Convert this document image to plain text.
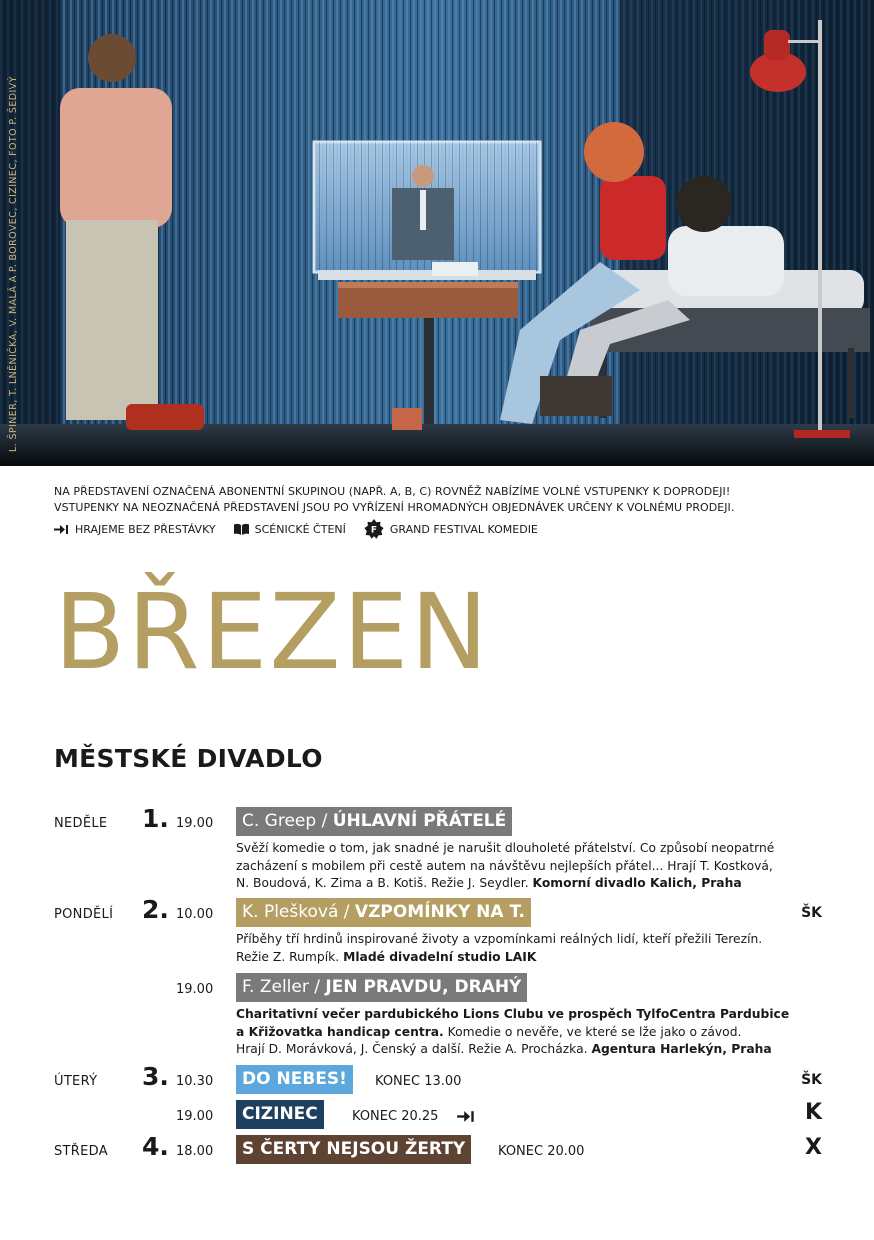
L. ŠPINER, T. LNĚNIČKA, V. MALÁ A P. BOROVEC, CIZINEC, FOTO P. ŠEDIVÝ
NA PŘEDSTAVENÍ OZNAČENÁ ABONENTNÍ SKUPINOU (NAPŘ. A, B, C) ROVNĚŽ NABÍZÍME VOLNÉ VSTUPENKY K DOPRODEJI!
VSTUPENKY NA NEOZNAČENÁ PŘEDSTAVENÍ JSOU PO VYŘÍZENÍ HROMADNÝCH OBJEDNÁVEK URČENY K VOLNÉMU PRODEJI.
HRAJEME BEZ PŘESTÁVKY	SCÉNICKÉ ČTENÍ	F GRAND FESTIVAL KOMEDIE
BŘEZEN
MĚSTSKÉ DIVADLO
NEDĚLE 1. 19.00	C. Greep / ÚHLAVNÍ PŘÁTELÉ
Svěží komedie o tom, jak snadné je narušit dlouholeté přátelství. Co způsobí neopatrné
zacházení s mobilem při cestě autem na návštěvu nejlepších přátel... Hrají T. Kostková,
N. Boudová, K. Zima a B. Kotiš. Režie J. Seydler. Komorní divadlo Kalich, Praha
PONDĚLÍ 2. 10.00	K. Plešková / VZPOMÍNKY NA T.	ŠK
Příběhy tří hrdinů inspirované životy a vzpomínkami reálných lidí, kteří přežili Terezín.
Režie Z. Rumpík. Mladé divadelní studio LAIK
19.00	F. Zeller / JEN PRAVDU, DRAHÝ
Charitativní večer pardubického Lions Clubu ve prospěch TylfoCentra Pardubice
a Křižovatka handicap centra. Komedie o nevěře, ve které se lže jako o závod.
Hrají D. Morávková, J. Čenský a další. Režie A. Procházka. Agentura Harlekýn, Praha
ÚTERÝ 3. 10.30	DO NEBES!	KONEC 13.00	ŠK
19.00	CIZINEC	KONEC 20.25	K
STŘEDA 4. 18.00	S ČERTY NEJSOU ŽERTY	KONEC 20.00	X
